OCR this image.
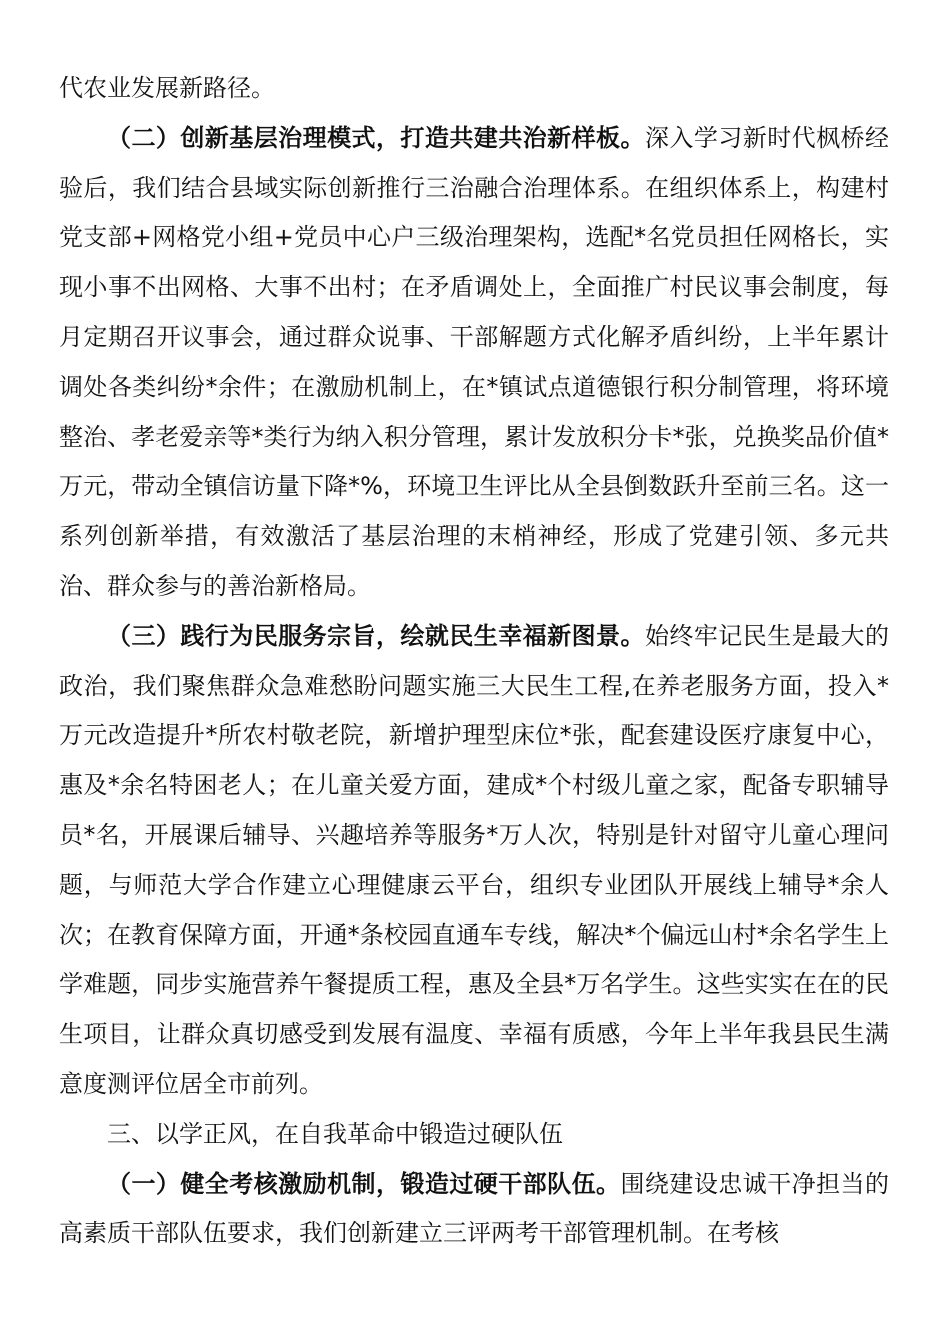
代农业发展新路径。

（二）创新基层治理模式，打造共建共治新样板。深入学习新时代枫桥经验后，我们结合县域实际创新推行三治融合治理体系。在组织体系上，构建村党支部+网格党小组+党员中心户三级治理架构，选配*名党员担任网格长，实现小事不出网格、大事不出村；在矛盾调处上，全面推广村民议事会制度，每月定期召开议事会，通过群众说事、干部解题方式化解矛盾纠纷，上半年累计调处各类纠纷*余件；在激励机制上，在*镇试点道德银行积分制管理，将环境整治、孝老爱亲等*类行为纳入积分管理，累计发放积分卡*张，兑换奖品价值*万元，带动全镇信访量下降*%，环境卫生评比从全县倒数跃升至前三名。这一系列创新举措，有效激活了基层治理的末梢神经，形成了党建引领、多元共治、群众参与的善治新格局。

（三）践行为民服务宗旨，绘就民生幸福新图景。始终牢记民生是最大的政治，我们聚焦群众急难愁盼问题实施三大民生工程,在养老服务方面，投入*万元改造提升*所农村敬老院，新增护理型床位*张，配套建设医疗康复中心，惠及*余名特困老人；在儿童关爱方面，建成*个村级儿童之家，配备专职辅导员*名，开展课后辅导、兴趣培养等服务*万人次，特别是针对留守儿童心理问题，与师范大学合作建立心理健康云平台，组织专业团队开展线上辅导*余人次；在教育保障方面，开通*条校园直通车专线，解决*个偏远山村*余名学生上学难题，同步实施营养午餐提质工程，惠及全县*万名学生。这些实实在在的民生项目，让群众真切感受到发展有温度、幸福有质感，今年上半年我县民生满意度测评位居全市前列。

三、以学正风，在自我革命中锻造过硬队伍

（一）健全考核激励机制，锻造过硬干部队伍。围绕建设忠诚干净担当的高素质干部队伍要求，我们创新建立三评两考干部管理机制。在考核
